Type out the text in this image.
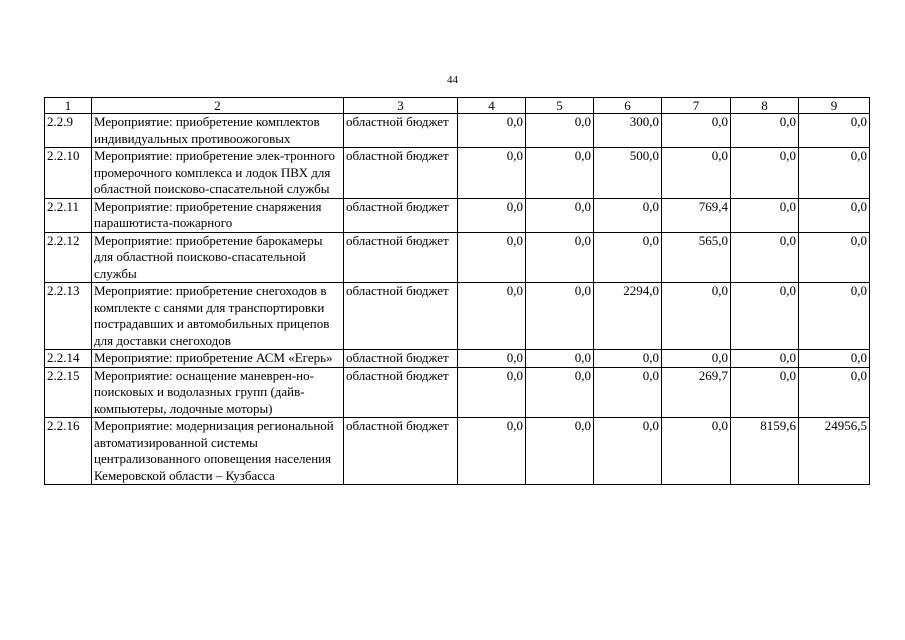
44
1	2	3	4	5	6	7	8	9
2.2.9	Мероприятие: приобретение комплектов индивидуальных противоожоговых	областной бюджет	0,0	0,0	300,0	0,0	0,0	0,0
2.2.10	Мероприятие: приобретение элек-тронного промерочного комплекса и лодок ПВХ для областной поисково-спасательной службы	областной бюджет	0,0	0,0	500,0	0,0	0,0	0,0
2.2.11	Мероприятие: приобретение снаряжения парашютиста-пожарного	областной бюджет	0,0	0,0	0,0	769,4	0,0	0,0
2.2.12	Мероприятие: приобретение барокамеры для областной поисково-спасательной службы	областной бюджет	0,0	0,0	0,0	565,0	0,0	0,0
2.2.13	Мероприятие: приобретение снегоходов в комплекте с санями для транспортировки пострадавших и автомобильных прицепов для доставки снегоходов	областной бюджет	0,0	0,0	2294,0	0,0	0,0	0,0
2.2.14	Мероприятие: приобретение АСМ «Егерь»	областной бюджет	0,0	0,0	0,0	0,0	0,0	0,0
2.2.15	Мероприятие: оснащение маневрен-но-поисковых и водолазных групп (дайв-компьютеры, лодочные моторы)	областной бюджет	0,0	0,0	0,0	269,7	0,0	0,0
2.2.16	Мероприятие: модернизация региональной автоматизированной системы централизованного оповещения населения Кемеровской области – Кузбасса	областной бюджет	0,0	0,0	0,0	0,0	8159,6	24956,5
